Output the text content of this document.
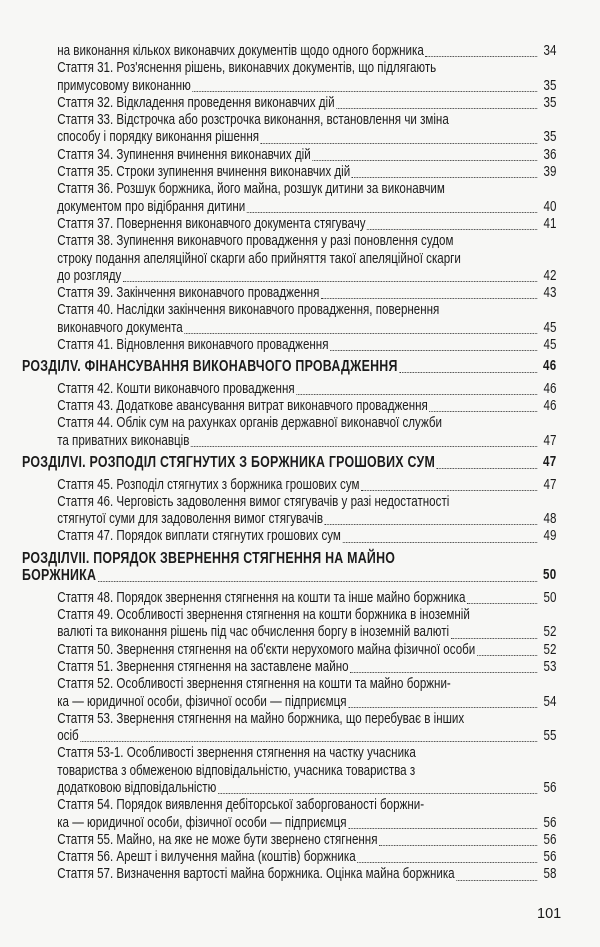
на виконання кількох виконавчих документів щодо одного боржника	34
Стаття 31. Роз'яснення рішень, виконавчих документів, що підлягають
примусовому виконанню	35
Стаття 32. Відкладення проведення виконавчих дій	35
Стаття 33. Відстрочка або розстрочка виконання, встановлення чи зміна
способу і порядку виконання рішення	35
Стаття 34. Зупинення вчинення виконавчих дій	36
Стаття 35. Строки зупинення вчинення виконавчих дій	39
Стаття 36. Розшук боржника, його майна, розшук дитини за виконавчим
документом про відібрання дитини	40
Стаття 37. Повернення виконавчого документа стягувачу	41
Стаття 38. Зупинення виконавчого провадження у разі поновлення судом
строку подання апеляційної скарги або прийняття такої апеляційної скарги
до розгляду	42
Стаття 39. Закінчення виконавчого провадження	43
Стаття 40. Наслідки закінчення виконавчого провадження, повернення
виконавчого документа	45
Стаття 41. Відновлення виконавчого провадження	45
РОЗДІЛV. ФІНАНСУВАННЯ ВИКОНАВЧОГО ПРОВАДЖЕННЯ	46
Стаття 42. Кошти виконавчого провадження	46
Стаття 43. Додаткове авансування витрат виконавчого провадження	46
Стаття 44. Облік сум на рахунках органів державної виконавчої служби
та приватних виконавців	47
РОЗДІЛVI. РОЗПОДІЛ СТЯГНУТИХ З БОРЖНИКА ГРОШОВИХ СУМ	47
Стаття 45. Розподіл стягнутих з боржника грошових сум	47
Стаття 46. Черговість задоволення вимог стягувачів у разі недостатності
стягнутої суми для задоволення вимог стягувачів	48
Стаття 47. Порядок виплати стягнутих грошових сум	49
РОЗДІЛVII. ПОРЯДОК ЗВЕРНЕННЯ СТЯГНЕННЯ НА МАЙНО
БОРЖНИКА	50
Стаття 48. Порядок звернення стягнення на кошти та інше майно боржника	50
Стаття 49. Особливості звернення стягнення на кошти боржника в іноземній
валюті та виконання рішень під час обчислення боргу в іноземній валюті	52
Стаття 50. Звернення стягнення на об'єкти нерухомого майна фізичної особи	52
Стаття 51. Звернення стягнення на заставлене майно	53
Стаття 52. Особливості звернення стягнення на кошти та майно боржни-
ка — юридичної особи, фізичної особи — підприємця	54
Стаття 53. Звернення стягнення на майно боржника, що перебуває в інших
осіб	55
Стаття 53-1. Особливості звернення стягнення на частку учасника
товариства з обмеженою відповідальністю, учасника товариства з
додатковою відповідальністю	56
Стаття 54. Порядок виявлення дебіторської заборгованості боржни-
ка — юридичної особи, фізичної особи — підприємця	56
Стаття 55. Майно, на яке не може бути звернено стягнення	56
Стаття 56. Арешт і вилучення майна (коштів) боржника	56
Стаття 57. Визначення вартості майна боржника. Оцінка майна боржника	58
101
